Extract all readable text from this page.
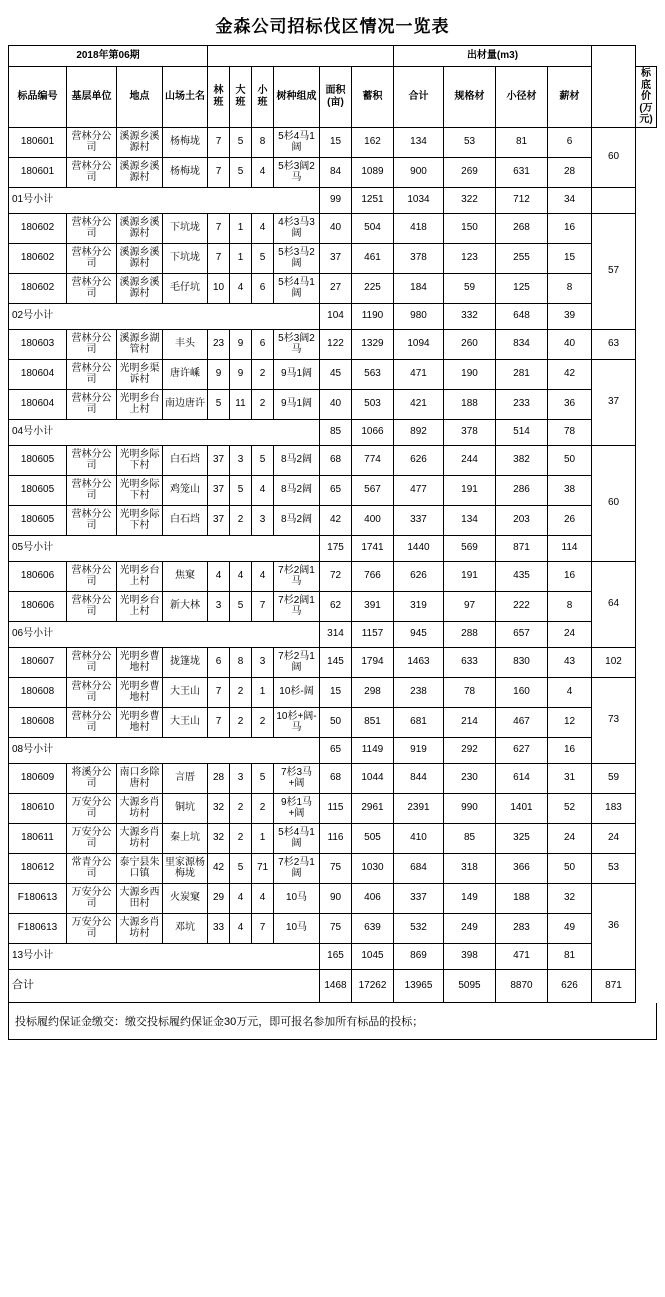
金森公司招标伐区情况一览表
2018年第06期										出材量(m3)					
标品编号	基层单位	地点	山场土名	林班	大班	小班	树种组成	面积(亩)	蓄积	合计	规格材	小径材	薪材		标底价(万元)
180601	营林分公司	溪源乡溪源村	杨梅垅	7	5	8	5杉4马1阔	15	162	134	53	81	6	60	
180601	营林分公司	溪源乡溪源村	杨梅垅	7	5	4	5杉3阔2马	84	1089	900	269	631	28		
01号小计								99	1251	1034	322	712	34		
180602	营林分公司	溪源乡溪源村	下坑垅	7	1	4	4杉3马3阔	40	504	418	150	268	16	57	
180602	营林分公司	溪源乡溪源村	下坑垅	7	1	5	5杉3马2阔	37	461	378	123	255	15		
180602	营林分公司	溪源乡溪源村	毛仔坑	10	4	6	5杉4马1阔	27	225	184	59	125	8		
02号小计								104	1190	980	332	648	39		
180603	营林分公司	溪源乡湖管村	丰头	23	9	6	5杉3阔2马	122	1329	1094	260	834	40	63	
180604	营林分公司	光明乡渠诉村	唐许嵊	9	9	2	9马1阔	45	563	471	190	281	42	37	
180604	营林分公司	光明乡台上村	南边唐许	5	11	2	9马1阔	40	503	421	188	233	36		
04号小计								85	1066	892	378	514	78		
180605	营林分公司	光明乡际下村	白石垱	37	3	5	8马2阔	68	774	626	244	382	50	60	
180605	营林分公司	光明乡际下村	鸡笼山	37	5	4	8马2阔	65	567	477	191	286	38		
180605	营林分公司	光明乡际下村	白石垱	37	2	3	8马2阔	42	400	337	134	203	26		
05号小计								175	1741	1440	569	871	114		
180606	营林分公司	光明乡台上村	焦窠	4	4	4	7杉2阔1马	72	766	626	191	435	16	64	
180606	营林分公司	光明乡台上村	新大林	3	5	7	7杉2阔1马	62	391	319	97	222	8		
06号小计								314	1157	945	288	657	24		
180607	营林分公司	光明乡曹地村	拢篷垅	6	8	3	7杉2马1阔	145	1794	1463	633	830	43	102	
180608	营林分公司	光明乡曹地村	大王山	7	2	1	10杉-阔	15	298	238	78	160	4	73	
180608	营林分公司	光明乡曹地村	大王山	7	2	2	10杉+阔-马	50	851	681	214	467	12		
08号小计								65	1149	919	292	627	16		
180609	将溪分公司	南口乡除唐村	言厝	28	3	5	7杉3马+阔	68	1044	844	230	614	31	59	
180610	万安分公司	大源乡肖坊村	铜坑	32	2	2	9杉1马+阔	115	2961	2391	990	1401	52	183	
180611	万安分公司	大源乡肖坊村	秦上坑	32	2	1	5杉4马1阔	116	505	410	85	325	24	24	
180612	常青分公司	泰宁县朱口镇	里家源杨梅垅	42	5	71	7杉2马1阔	75	1030	684	318	366	50	53	
F180613	万安分公司	大源乡西田村	火炭窠	29	4	4	10马	90	406	337	149	188	32	36	
F180613	万安分公司	大源乡肖坊村	邓坑	33	4	7	10马	75	639	532	249	283	49		
13号小计								165	1045	869	398	471	81		
合计								1468	17262	13965	5095	8870	626	871	
投标履约保证金缴交：缴交投标履约保证金30万元，即可报名参加所有标品的投标；
